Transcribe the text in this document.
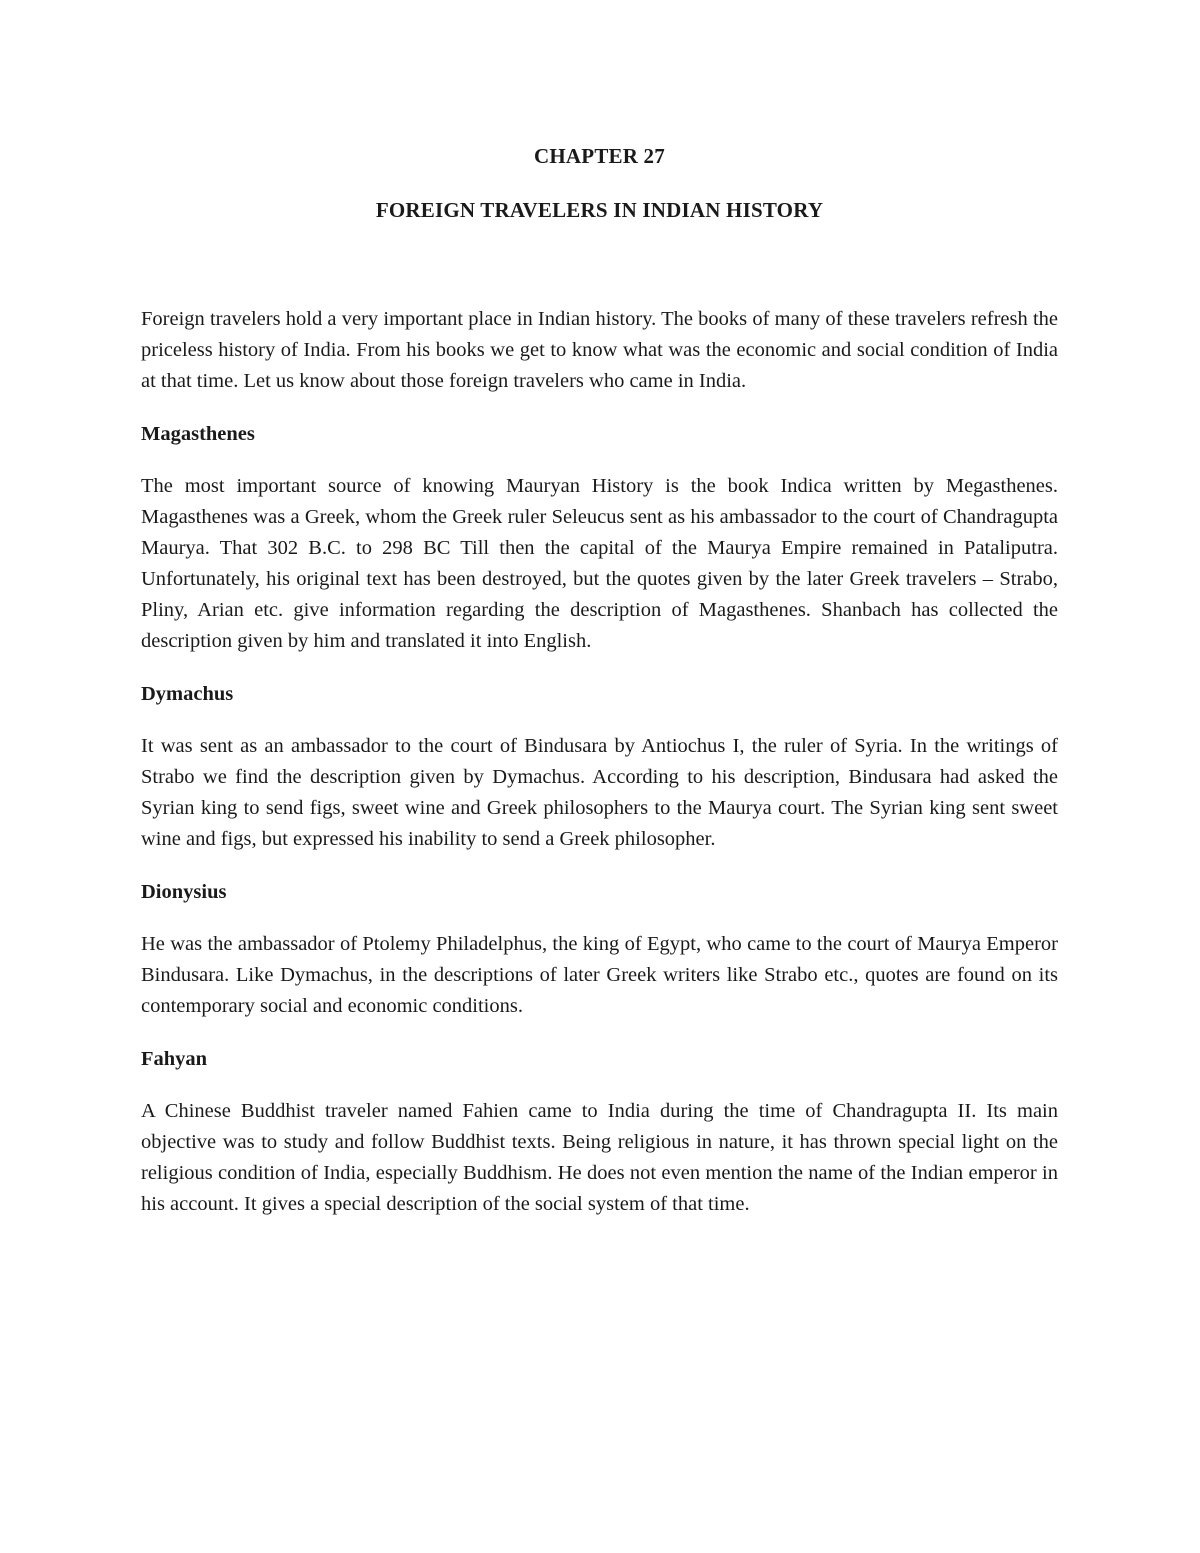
CHAPTER 27
FOREIGN TRAVELERS IN INDIAN HISTORY

Foreign travelers hold a very important place in Indian history. The books of many of these travelers refresh the priceless history of India. From his books we get to know what was the economic and social condition of India at that time. Let us know about those foreign travelers who came in India.

Magasthenes

The most important source of knowing Mauryan History is the book Indica written by Megasthenes. Magasthenes was a Greek, whom the Greek ruler Seleucus sent as his ambassador to the court of Chandragupta Maurya. That 302 B.C. to 298 BC Till then the capital of the Maurya Empire remained in Pataliputra. Unfortunately, his original text has been destroyed, but the quotes given by the later Greek travelers – Strabo, Pliny, Arian etc. give information regarding the description of Magasthenes. Shanbach has collected the description given by him and translated it into English.

Dymachus

It was sent as an ambassador to the court of Bindusara by Antiochus I, the ruler of Syria. In the writings of Strabo we find the description given by Dymachus. According to his description, Bindusara had asked the Syrian king to send figs, sweet wine and Greek philosophers to the Maurya court. The Syrian king sent sweet wine and figs, but expressed his inability to send a Greek philosopher.

Dionysius

He was the ambassador of Ptolemy Philadelphus, the king of Egypt, who came to the court of Maurya Emperor Bindusara. Like Dymachus, in the descriptions of later Greek writers like Strabo etc., quotes are found on its contemporary social and economic conditions.

Fahyan

A Chinese Buddhist traveler named Fahien came to India during the time of Chandragupta II. Its main objective was to study and follow Buddhist texts. Being religious in nature, it has thrown special light on the religious condition of India, especially Buddhism. He does not even mention the name of the Indian emperor in his account. It gives a special description of the social system of that time.
